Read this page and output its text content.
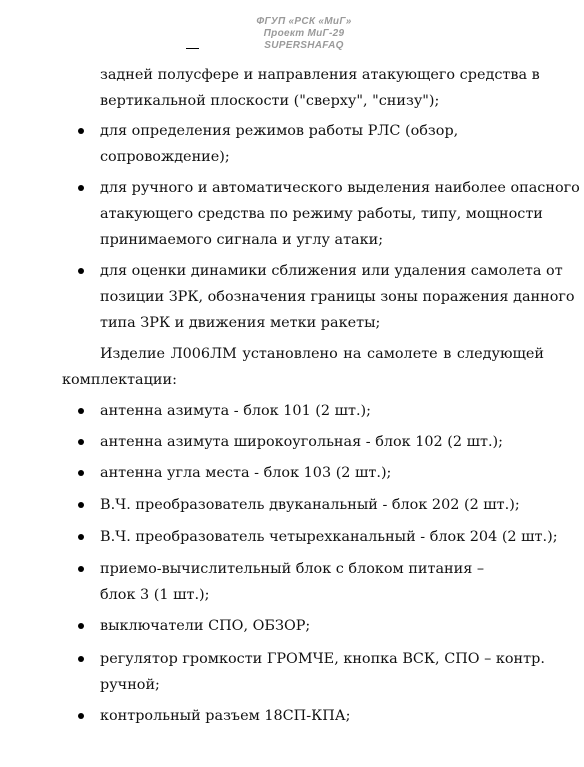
ФГУП «РСК «МиГ»
Проект МиГ-29
SUPERSHAFAQ
задней полусфере и направления атакующего средства в
вертикальной плоскости ("сверху", "снизу");
для определения режимов работы РЛС (обзор,
сопровождение);
для ручного и автоматического выделения наиболее опасного
атакующего средства по режиму работы, типу, мощности
принимаемого сигнала и углу атаки;
для оценки динамики сближения или удаления самолета от
позиции ЗРК, обозначения границы зоны поражения данного
типа ЗРК и движения метки ракеты;
Изделие Л006ЛМ установлено на самолете в следующей
комплектации:
антенна азимута - блок 101 (2 шт.);
антенна азимута широкоугольная - блок 102 (2 шт.);
антенна угла места - блок 103 (2 шт.);
В.Ч. преобразователь двуканальный - блок 202 (2 шт.);
В.Ч. преобразователь четырехканальный - блок 204 (2 шт.);
приемо-вычислительный блок с блоком питания –
блок 3 (1 шт.);
выключатели СПО, ОБЗОР;
регулятор громкости ГРОМЧЕ, кнопка ВСК, СПО – контр.
ручной;
контрольный разъем 18СП-КПА;
